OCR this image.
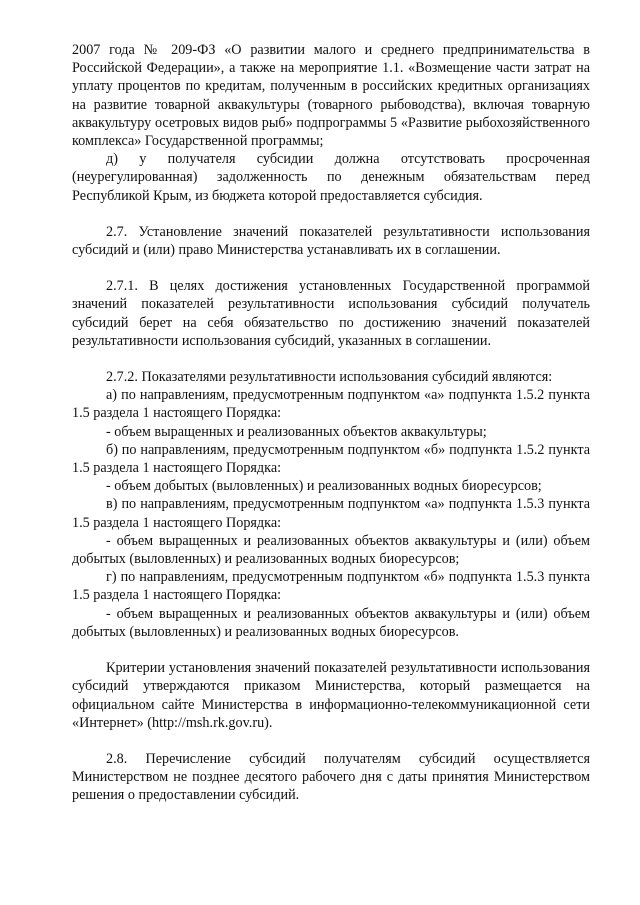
2007 года № 209-ФЗ «О развитии малого и среднего предпринимательства в Российской Федерации», а также на мероприятие 1.1. «Возмещение части затрат на уплату процентов по кредитам, полученным в российских кредитных организациях на развитие товарной аквакультуры (товарного рыбоводства), включая товарную аквакультуру осетровых видов рыб» подпрограммы 5 «Развитие рыбохозяйственного комплекса» Государственной программы;

д) у получателя субсидии должна отсутствовать просроченная (неурегулированная) задолженность по денежным обязательствам перед Республикой Крым, из бюджета которой предоставляется субсидия.

2.7. Установление значений показателей результативности использования субсидий и (или) право Министерства устанавливать их в соглашении.

2.7.1. В целях достижения установленных Государственной программой значений показателей результативности использования субсидий получатель субсидий берет на себя обязательство по достижению значений показателей результативности использования субсидий, указанных в соглашении.

2.7.2. Показателями результативности использования субсидий являются:

а) по направлениям, предусмотренным подпунктом «а» подпункта 1.5.2 пункта 1.5 раздела 1 настоящего Порядка:

- объем выращенных и реализованных объектов аквакультуры;

б) по направлениям, предусмотренным подпунктом «б» подпункта 1.5.2 пункта 1.5 раздела 1 настоящего Порядка:

- объем добытых (выловленных) и реализованных водных биоресурсов;

в) по направлениям, предусмотренным подпунктом «а» подпункта 1.5.3 пункта 1.5 раздела 1 настоящего Порядка:

- объем выращенных и реализованных объектов аквакультуры и (или) объем добытых (выловленных) и реализованных водных биоресурсов;

г) по направлениям, предусмотренным подпунктом «б» подпункта 1.5.3 пункта 1.5 раздела 1 настоящего Порядка:

- объем выращенных и реализованных объектов аквакультуры и (или) объем добытых (выловленных) и реализованных водных биоресурсов.

Критерии установления значений показателей результативности использования субсидий утверждаются приказом Министерства, который размещается на официальном сайте Министерства в информационно-телекоммуникационной сети «Интернет» (http://msh.rk.gov.ru).

2.8. Перечисление субсидий получателям субсидий осуществляется Министерством не позднее десятого рабочего дня с даты принятия Министерством решения о предоставлении субсидий.
